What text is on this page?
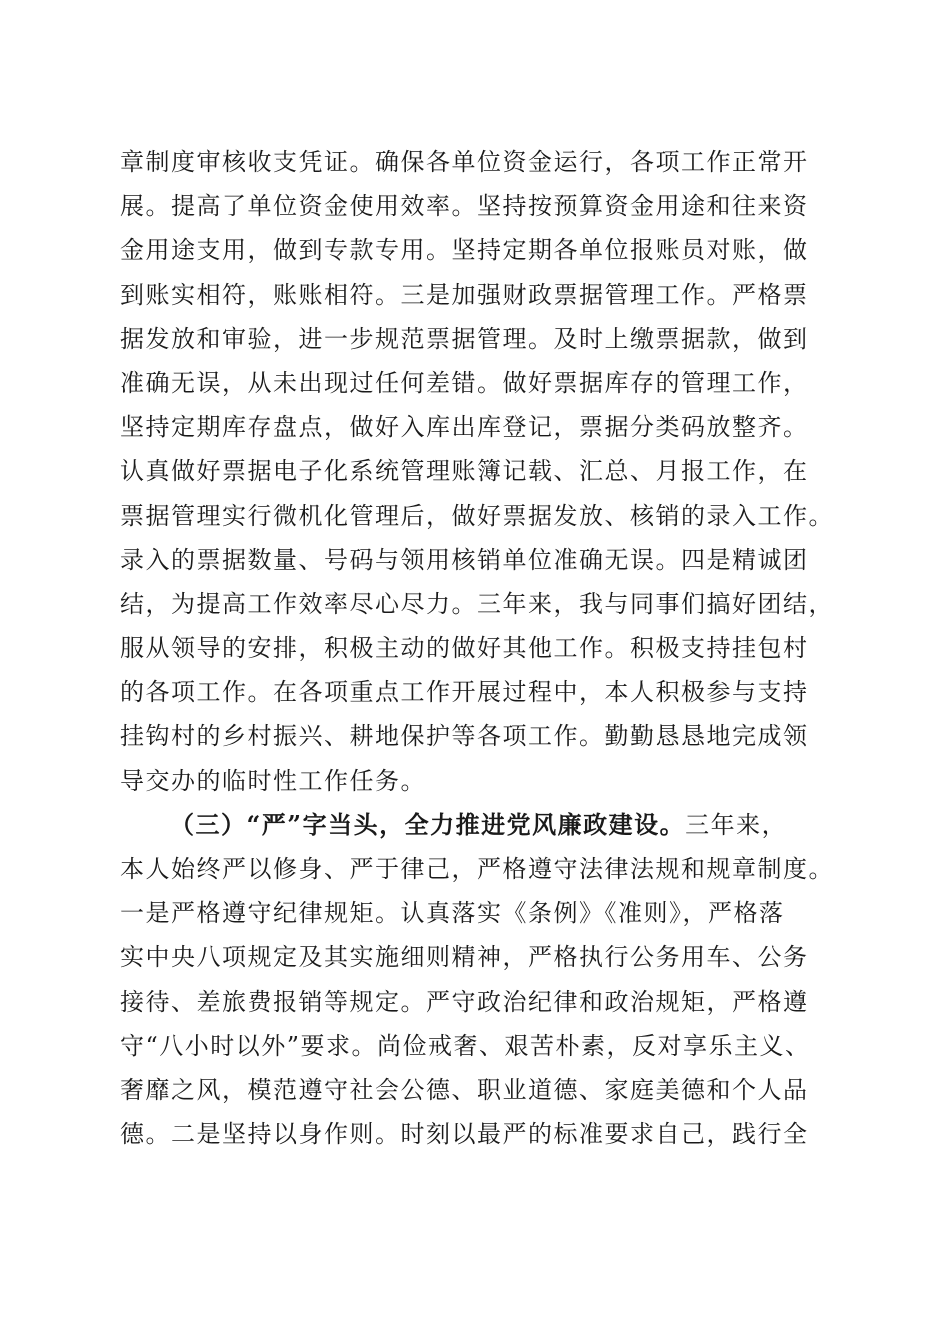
章制度审核收支凭证。确保各单位资金运行，各项工作正常开
展。提高了单位资金使用效率。坚持按预算资金用途和往来资
金用途支用，做到专款专用。坚持定期各单位报账员对账，做
到账实相符，账账相符。三是加强财政票据管理工作。严格票
据发放和审验，进一步规范票据管理。及时上缴票据款，做到
准确无误，从未出现过任何差错。做好票据库存的管理工作，
坚持定期库存盘点，做好入库出库登记，票据分类码放整齐。
认真做好票据电子化系统管理账簿记载、汇总、月报工作，在
票据管理实行微机化管理后，做好票据发放、核销的录入工作。
录入的票据数量、号码与领用核销单位准确无误。四是精诚团
结，为提高工作效率尽心尽力。三年来，我与同事们搞好团结，
服从领导的安排，积极主动的做好其他工作。积极支持挂包村
的各项工作。在各项重点工作开展过程中，本人积极参与支持
挂钩村的乡村振兴、耕地保护等各项工作。勤勤恳恳地完成领
导交办的临时性工作任务。
（三）“严”字当头，全力推进党风廉政建设。三年来，
本人始终严以修身、严于律己，严格遵守法律法规和规章制度。
一是严格遵守纪律规矩。认真落实《条例》《准则》，严格落
实中央八项规定及其实施细则精神，严格执行公务用车、公务
接待、差旅费报销等规定。严守政治纪律和政治规矩，严格遵
守“八小时以外”要求。尚俭戒奢、艰苦朴素，反对享乐主义、
奢靡之风，模范遵守社会公德、职业道德、家庭美德和个人品
德。二是坚持以身作则。时刻以最严的标准要求自己，践行全
